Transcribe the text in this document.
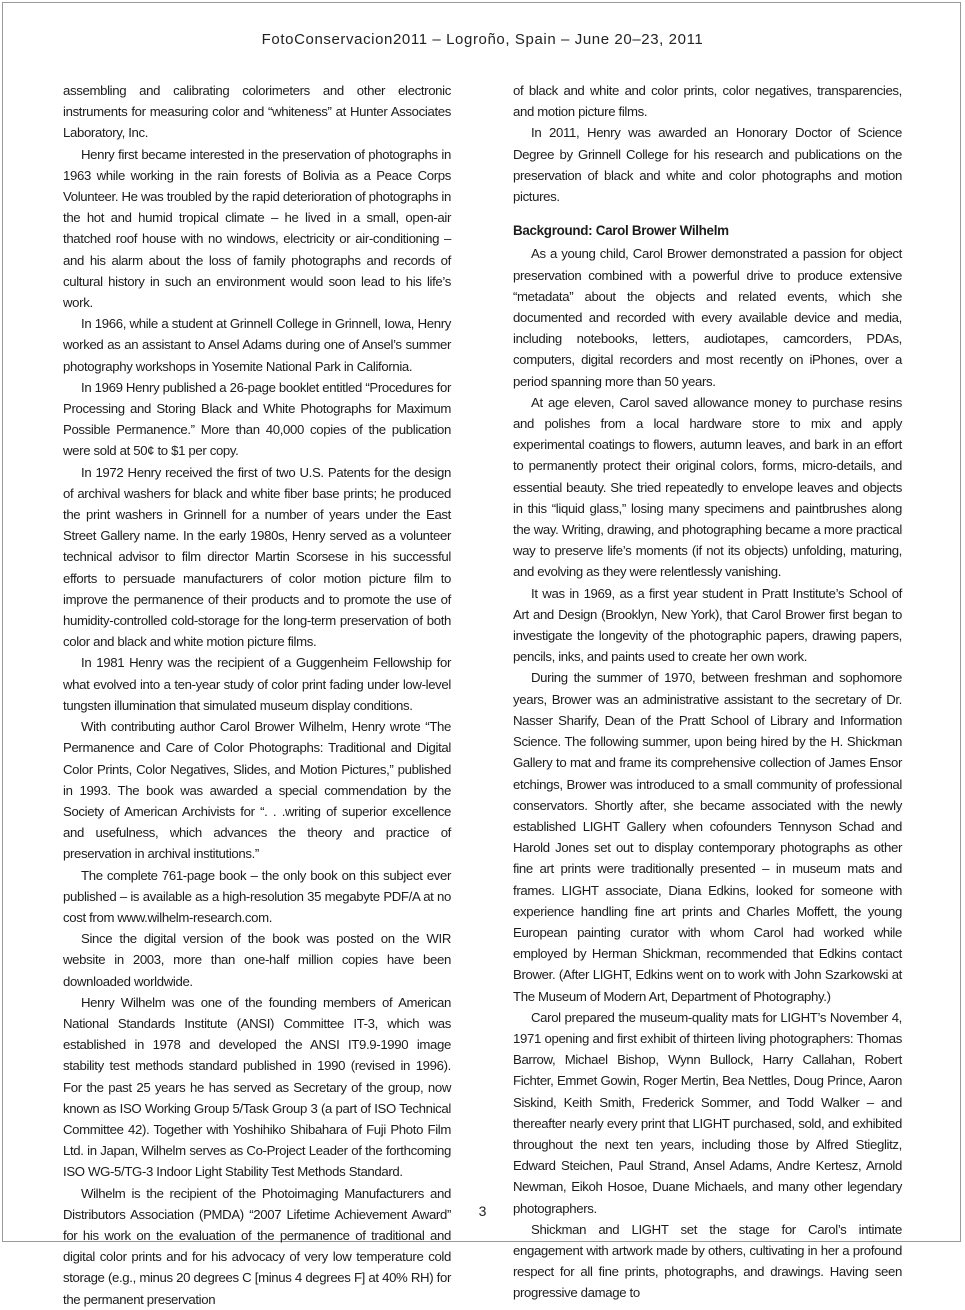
FotoConservacion2011 – Logroño, Spain – June 20–23, 2011

assembling and calibrating colorimeters and other electronic instruments for measuring color and “whiteness” at Hunter Associates Laboratory, Inc.

Henry first became interested in the preservation of photographs in 1963 while working in the rain forests of Bolivia as a Peace Corps Volunteer. He was troubled by the rapid deterioration of photographs in the hot and humid tropical climate – he lived in a small, open-air thatched roof house with no windows, electricity or air-conditioning – and his alarm about the loss of family photographs and records of cultural history in such an environment would soon lead to his life’s work.

In 1966, while a student at Grinnell College in Grinnell, Iowa, Henry worked as an assistant to Ansel Adams during one of Ansel’s summer photography workshops in Yosemite National Park in California.

In 1969 Henry published a 26-page booklet entitled “Procedures for Processing and Storing Black and White Photographs for Maximum Possible Permanence.” More than 40,000 copies of the publication were sold at 50¢ to $1 per copy.

In 1972 Henry received the first of two U.S. Patents for the design of archival washers for black and white fiber base prints; he produced the print washers in Grinnell for a number of years under the East Street Gallery name. In the early 1980s, Henry served as a volunteer technical advisor to film director Martin Scorsese in his successful efforts to persuade manufacturers of color motion picture film to improve the permanence of their products and to promote the use of humidity-controlled cold-storage for the long-term preservation of both color and black and white motion picture films.

In 1981 Henry was the recipient of a Guggenheim Fellowship for what evolved into a ten-year study of color print fading under low-level tungsten illumination that simulated museum display conditions.

With contributing author Carol Brower Wilhelm, Henry wrote “The Permanence and Care of Color Photographs: Traditional and Digital Color Prints, Color Negatives, Slides, and Motion Pictures,” published in 1993. The book was awarded a special commendation by the Society of American Archivists for “. . .writing of superior excellence and usefulness, which advances the theory and practice of preservation in archival institutions.”

The complete 761-page book – the only book on this subject ever published – is available as a high-resolution 35 megabyte PDF/A at no cost from www.wilhelm-research.com.

Since the digital version of the book was posted on the WIR website in 2003, more than one-half million copies have been downloaded worldwide.

Henry Wilhelm was one of the founding members of American National Standards Institute (ANSI) Committee IT-3, which was established in 1978 and developed the ANSI IT9.9-1990 image stability test methods standard published in 1990 (revised in 1996). For the past 25 years he has served as Secretary of the group, now known as ISO Working Group 5/Task Group 3 (a part of ISO Technical Committee 42). Together with Yoshihiko Shibahara of Fuji Photo Film Ltd. in Japan, Wilhelm serves as Co-Project Leader of the forthcoming ISO WG-5/TG-3 Indoor Light Stability Test Methods Standard.

Wilhelm is the recipient of the Photoimaging Manufacturers and Distributors Association (PMDA) “2007 Lifetime Achievement Award” for his work on the evaluation of the permanence of traditional and digital color prints and for his advocacy of very low temperature cold storage (e.g., minus 20 degrees C [minus 4 degrees F] at 40% RH) for the permanent preservation

of black and white and color prints, color negatives, transparencies, and motion picture films.

In 2011, Henry was awarded an Honorary Doctor of Science Degree by Grinnell College for his research and publications on the preservation of black and white and color photographs and motion pictures.

Background: Carol Brower Wilhelm

As a young child, Carol Brower demonstrated a passion for object preservation combined with a powerful drive to produce extensive “metadata” about the objects and related events, which she documented and recorded with every available device and media, including notebooks, letters, audiotapes, camcorders, PDAs, computers, digital recorders and most recently on iPhones, over a period spanning more than 50 years.

At age eleven, Carol saved allowance money to purchase resins and polishes from a local hardware store to mix and apply experimental coatings to flowers, autumn leaves, and bark in an effort to permanently protect their original colors, forms, micro-details, and essential beauty. She tried repeatedly to envelope leaves and objects in this “liquid glass,” losing many specimens and paintbrushes along the way. Writing, drawing, and photographing became a more practical way to preserve life’s moments (if not its objects) unfolding, maturing, and evolving as they were relentlessly vanishing.

It was in 1969, as a first year student in Pratt Institute’s School of Art and Design (Brooklyn, New York), that Carol Brower first began to investigate the longevity of the photographic papers, drawing papers, pencils, inks, and paints used to create her own work.

During the summer of 1970, between freshman and sophomore years, Brower was an administrative assistant to the secretary of Dr. Nasser Sharify, Dean of the Pratt School of Library and Information Science. The following summer, upon being hired by the H. Shickman Gallery to mat and frame its comprehensive collection of James Ensor etchings, Brower was introduced to a small community of professional conservators. Shortly after, she became associated with the newly established LIGHT Gallery when cofounders Tennyson Schad and Harold Jones set out to display contemporary photographs as other fine art prints were traditionally presented – in museum mats and frames. LIGHT associate, Diana Edkins, looked for someone with experience handling fine art prints and Charles Moffett, the young European painting curator with whom Carol had worked while employed by Herman Shickman, recommended that Edkins contact Brower. (After LIGHT, Edkins went on to work with John Szarkowski at The Museum of Modern Art, Department of Photography.)

Carol prepared the museum-quality mats for LIGHT’s November 4, 1971 opening and first exhibit of thirteen living photographers: Thomas Barrow, Michael Bishop, Wynn Bullock, Harry Callahan, Robert Fichter, Emmet Gowin, Roger Mertin, Bea Nettles, Doug Prince, Aaron Siskind, Keith Smith, Frederick Sommer, and Todd Walker – and thereafter nearly every print that LIGHT purchased, sold, and exhibited throughout the next ten years, including those by Alfred Stieglitz, Edward Steichen, Paul Strand, Ansel Adams, Andre Kertesz, Arnold Newman, Eikoh Hosoe, Duane Michaels, and many other legendary photographers.

Shickman and LIGHT set the stage for Carol’s intimate engagement with artwork made by others, cultivating in her a profound respect for all fine prints, photographs, and drawings. Having seen progressive damage to

3
